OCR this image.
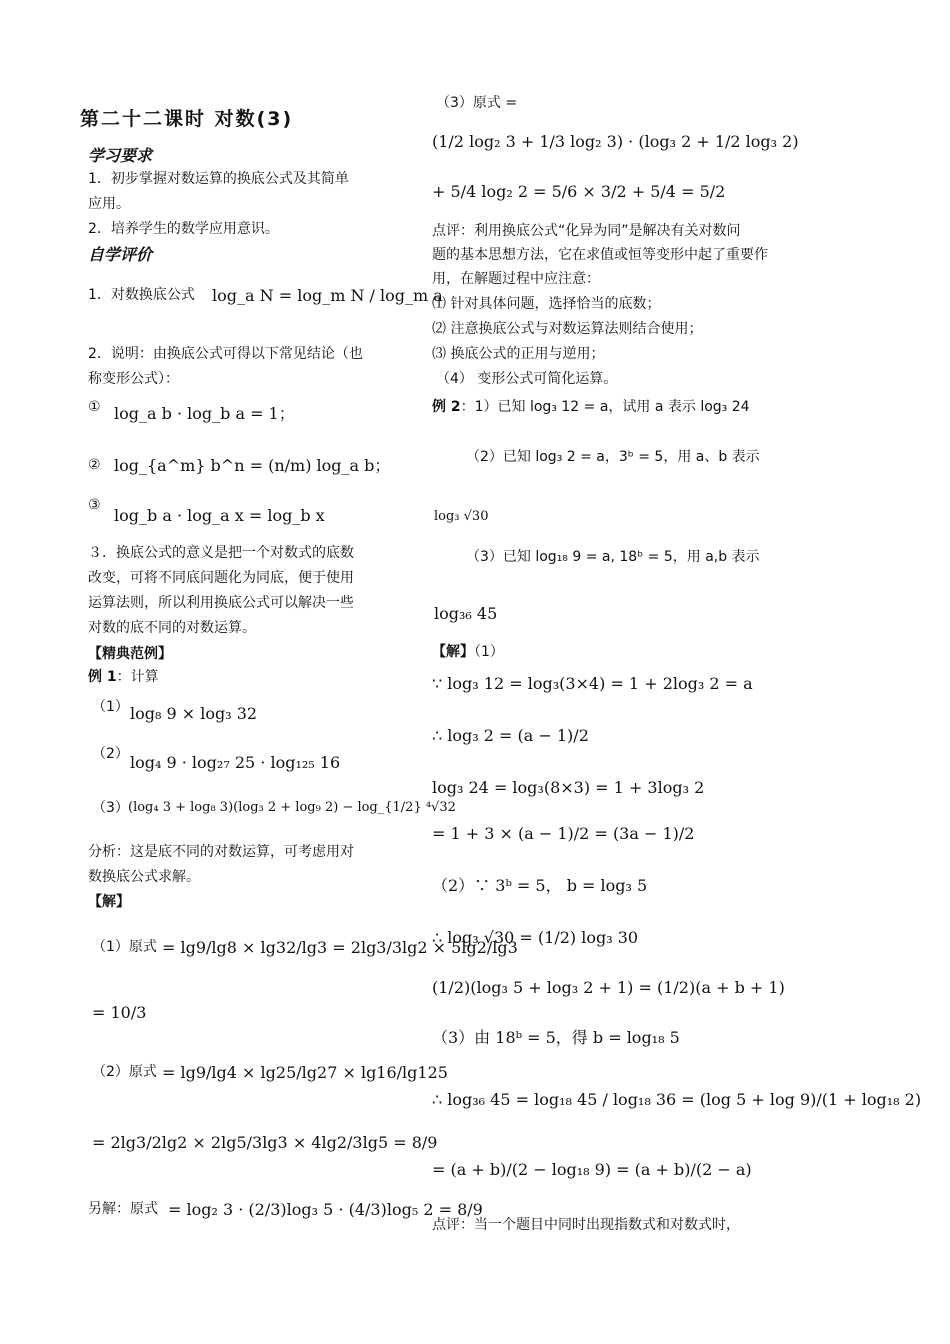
第二十二课时 对数(3)
学习要求
1．初步掌握对数运算的换底公式及其简单
应用。
2．培养学生的数学应用意识。
自学评价
1．对数换底公式 log_a N = log_m N / log_m a
2．说明：由换底公式可得以下常见结论（也
称变形公式）：
① log_a b · log_b a = 1；
② log_{a^m} b^n = (n/m) log_a b；
③
log_b a · log_a x = log_b x
３．换底公式的意义是把一个对数式的底数
改变，可将不同底问题化为同底，便于使用
运算法则，所以利用换底公式可以解决一些
对数的底不同的对数运算。
【精典范例】
例 1：计算
（1） log₈ 9 × log₃ 32
（2） log₄ 9 · log₂₇ 25 · log₁₂₅ 16
（3） (log₄ 3 + log₈ 3)(log₃ 2 + log₉ 2) − log_{1/2} ⁴√32
分析：这是底不同的对数运算，可考虑用对
数换底公式求解。
【解】
（1）原式 = lg9/lg8 × lg32/lg3 = 2lg3/3lg2 × 5lg2/lg3
= 10/3
（2）原式 = lg9/lg4 × lg25/lg27 × lg16/lg125
= 2lg3/2lg2 × 2lg5/3lg3 × 4lg2/3lg5 = 8/9
另解：原式 = log₂ 3 · (2/3)log₃ 5 · (4/3)log₅ 2 = 8/9
（3）原式 =
(1/2 log₂ 3 + 1/3 log₂ 3) · (log₃ 2 + 1/2 log₃ 2)
+ 5/4 log₂ 2 = 5/6 × 3/2 + 5/4 = 5/2
点评：利用换底公式“化异为同”是解决有关对数问
题的基本思想方法，它在求值或恒等变形中起了重要作
用，在解题过程中应注意：
⑴ 针对具体问题，选择恰当的底数；
⑵ 注意换底公式与对数运算法则结合使用；
⑶ 换底公式的正用与逆用；
（4） 变形公式可简化运算。
例 2：1）已知 log₃ 12 = a，试用 a 表示 log₃ 24
（2）已知 log₃ 2 = a，3ᵇ = 5，用 a、b 表示
log₃ √30
（3）已知 log₁₈ 9 = a, 18ᵇ = 5，用 a,b 表示
log₃₆ 45
【解】（1）
∵ log₃ 12 = log₃(3×4) = 1 + 2log₃ 2 = a
∴ log₃ 2 = (a − 1)/2
log₃ 24 = log₃(8×3) = 1 + 3log₃ 2
= 1 + 3 × (a − 1)/2 = (3a − 1)/2
（2）∵ 3ᵇ = 5， b = log₃ 5
∴ log₃ √30 = (1/2) log₃ 30
(1/2)(log₃ 5 + log₃ 2 + 1) = (1/2)(a + b + 1)
（3）由 18ᵇ = 5，得 b = log₁₈ 5
∴ log₃₆ 45 = log₁₈ 45 / log₁₈ 36 = (log 5 + log 9)/(1 + log₁₈ 2)
= (a + b)/(2 − log₁₈ 9) = (a + b)/(2 − a)
点评：当一个题目中同时出现指数式和对数式时，
